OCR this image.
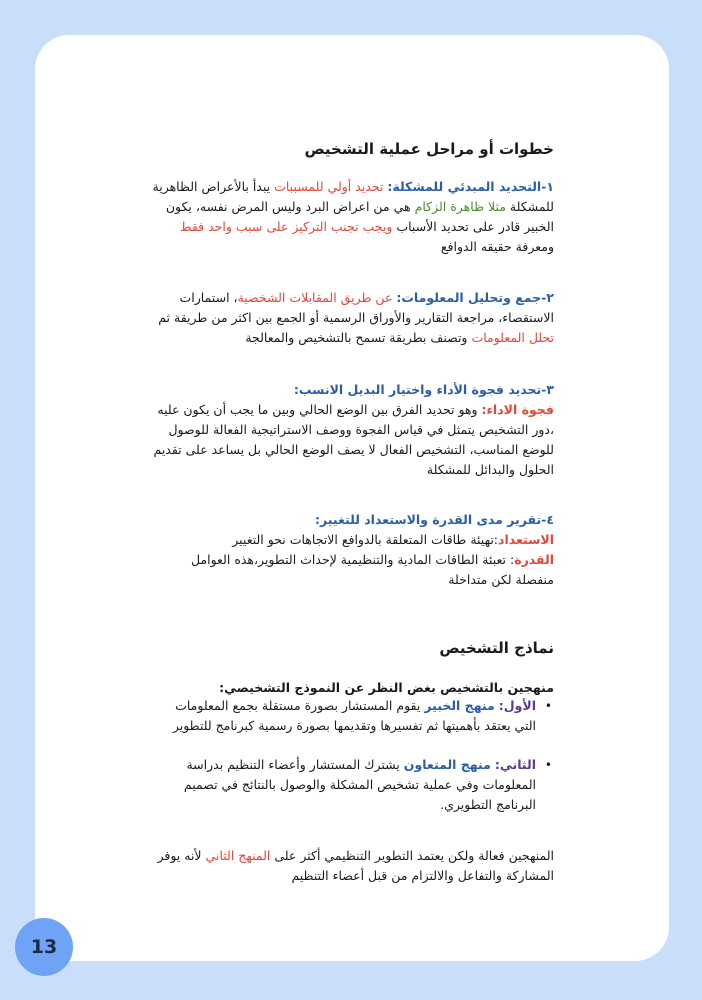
خطوات أو مراحل عملية التشخيص

١-التحديد المبدئي للمشكلة: تحديد أولي للمسببات يبدأ بالأعراض الظاهرية للمشكلة مثلا ظاهرة الزكام هي من اعراض البرد وليس المرض نفسه، يكون الخبير قادر على تحديد الأسباب ويجب تجنب التركيز على سبب واحد فقط ومعرفة حقيقه الدوافع

٢-جمع وتحليل المعلومات: عن طريق المقابلات الشخصية، استمارات الاستقصاء، مراجعة التقارير والأوراق الرسمية أو الجمع بين اكثر من طريقة ثم تحلل المعلومات وتصنف بطريقة تسمح بالتشخيص والمعالجة

٣-تحديد فجوة الأداء واختيار البديل الانسب:
فجوة الاداء: وهو تحديد الفرق بين الوضع الحالي وبين ما يجب أن يكون عليه ،دور التشخيص يتمثل في قياس الفجوة ووصف الاستراتيجية الفعالة للوصول للوضع المناسب، التشخيص الفعال لا يصف الوضع الحالي بل يساعد على تقديم الحلول والبدائل للمشكلة

٤-تقرير مدى القدرة والاستعداد للتغيير:
الاستعداد:تهيئة طاقات المتعلقة بالدوافع الاتجاهات نحو التغيير
القدرة: تعبئة الطاقات المادية والتنظيمية لإحداث التطوير،هذه العوامل منفصلة لكن متداخلة

نماذج التشخيص

منهجين بالتشخيص بغض النظر عن النموذج التشخيصي:

•
الأول: منهج الخبير يقوم المستشار بصورة مستقلة بجمع المعلومات التي يعتقد بأهميتها ثم تفسيرها وتقديمها بصورة رسمية كبرنامج للتطوير
•
الثاني: منهج المتعاون يشترك المستشار وأعضاء التنظيم بدراسة المعلومات وفي عملية تشخيص المشكلة والوصول بالنتائج في تصميم البرنامج التطويري.

المنهجين فعالة ولكن يعتمد التطوير التنظيمي أكثر على المنهج الثاني لأنه يوفر المشاركة والتفاعل والالتزام من قبل أعضاء التنظيم

13
